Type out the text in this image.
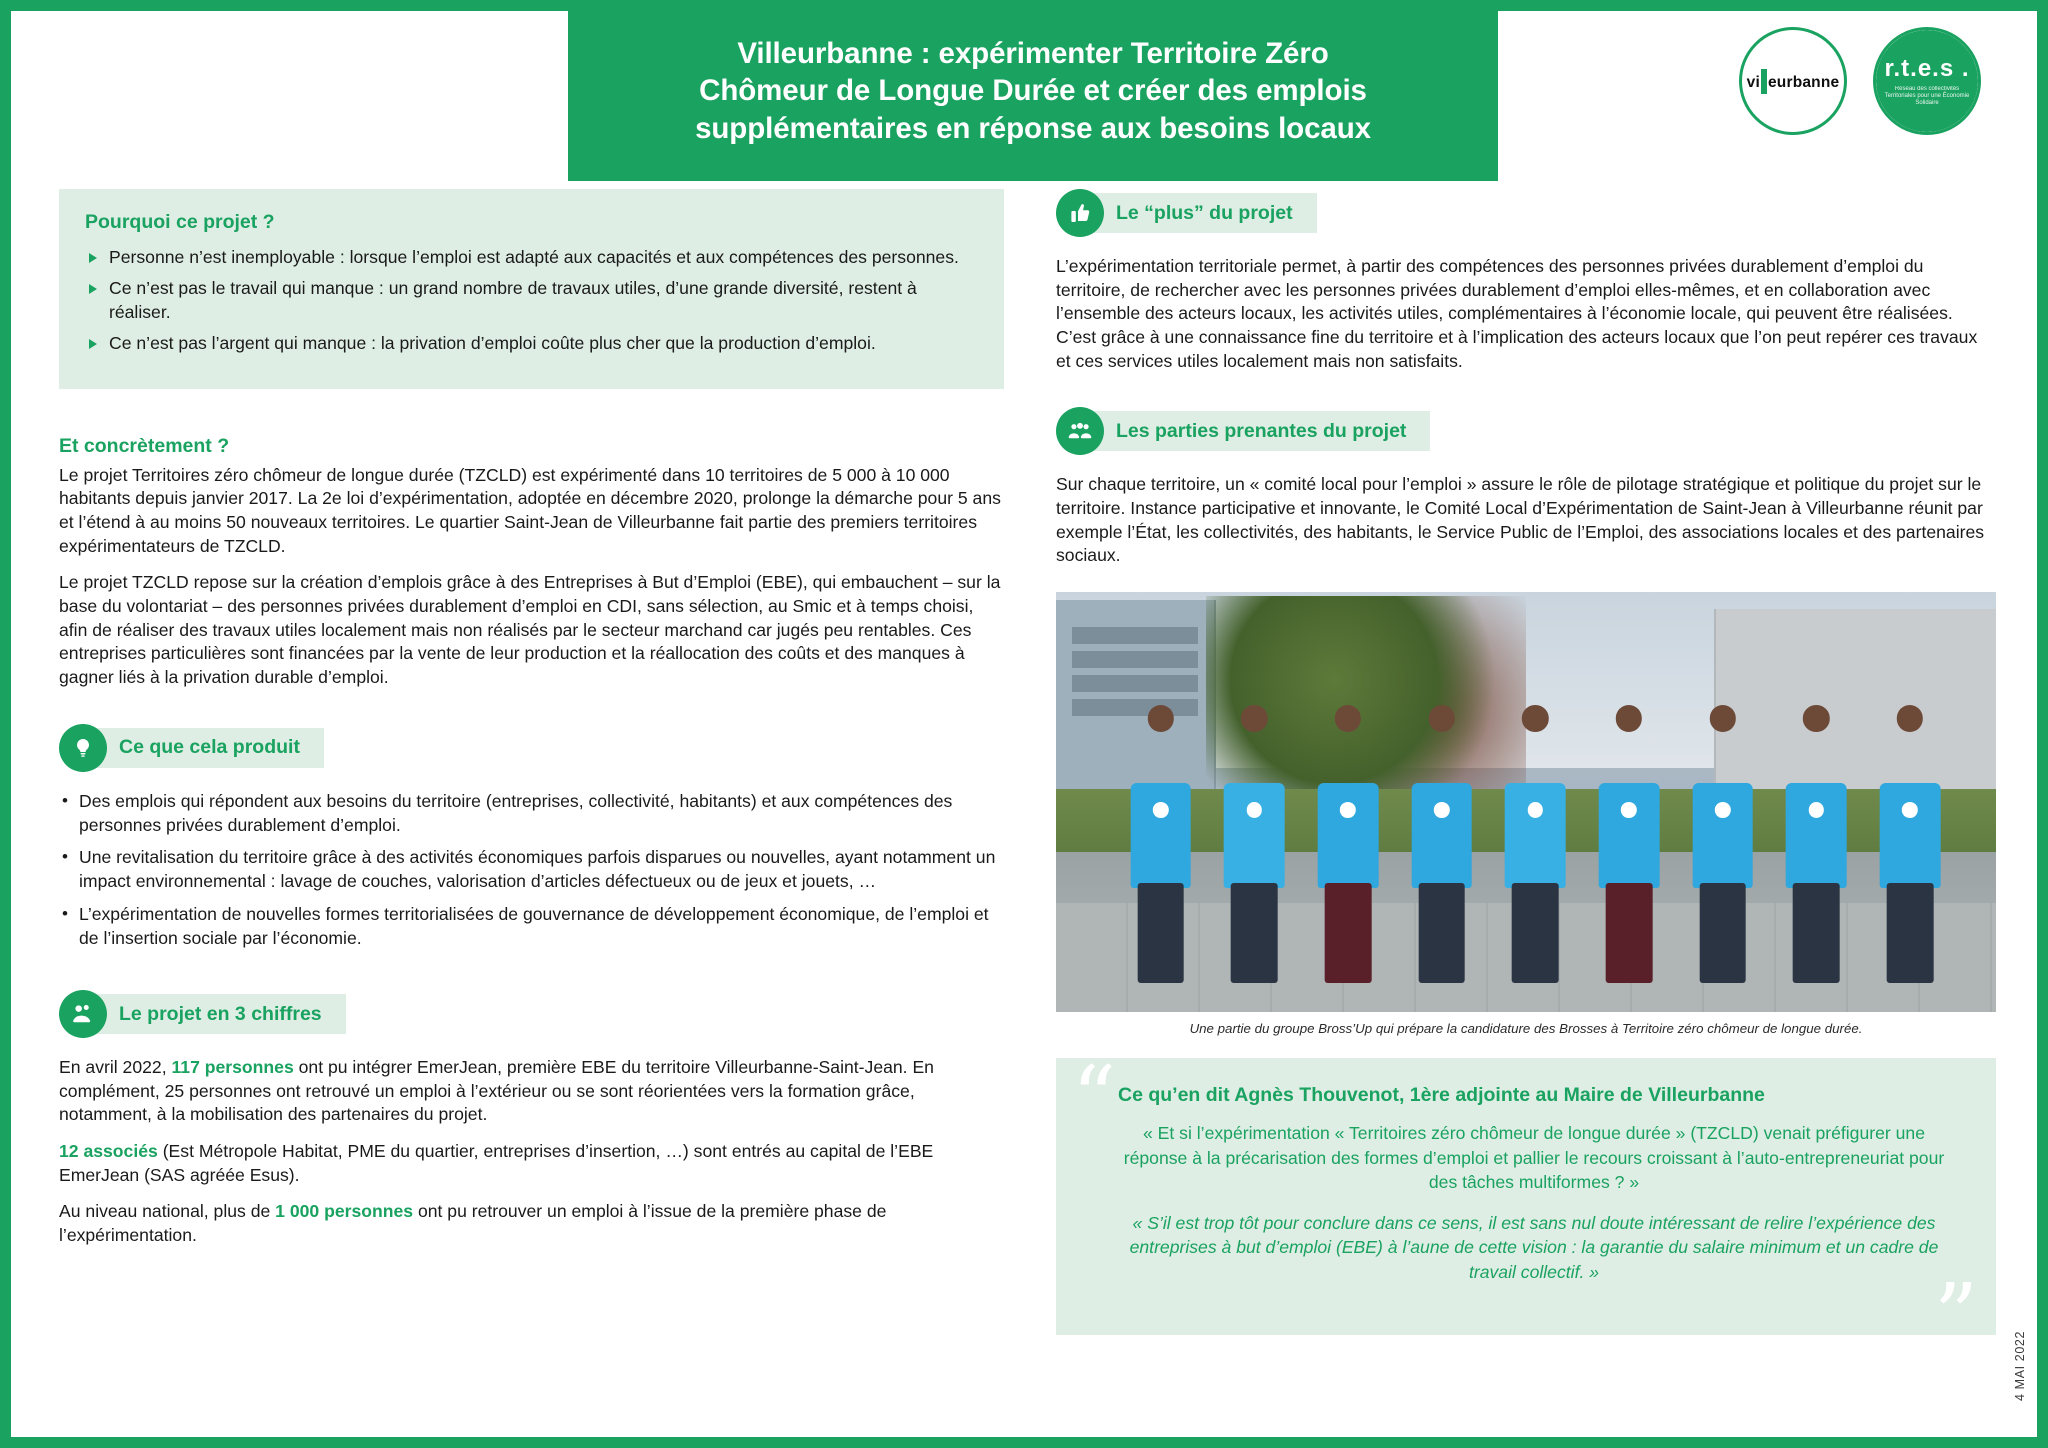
Villeurbanne : expérimenter Territoire Zéro
Chômeur de Longue Durée et créer des emplois
supplémentaires en réponse aux besoins locaux
vi eurbanne r.t.e.s .
Réseau des collectivités Territoriales pour une Économie Solidaire
Pourquoi ce projet ?
Personne n’est inemployable : lorsque l’emploi est adapté aux capacités et aux compétences des personnes.
Ce n’est pas le travail qui manque : un grand nombre de travaux utiles, d’une grande diversité, restent à réaliser.
Ce n’est pas l’argent qui manque : la privation d’emploi coûte plus cher que la production d’emploi.
Et concrètement ?

Le projet Territoires zéro chômeur de longue durée (TZCLD) est expérimenté dans 10 territoires de 5 000 à 10 000 habitants depuis janvier 2017. La 2e loi d’expérimentation, adoptée en décembre 2020, prolonge la démarche pour 5 ans et l’étend à au moins 50 nouveaux territoires. Le quartier Saint-Jean de Villeurbanne fait partie des premiers territoires expérimentateurs de TZCLD.

Le projet TZCLD repose sur la création d’emplois grâce à des Entreprises à But d’Emploi (EBE), qui embauchent – sur la base du volontariat – des personnes privées durablement d’emploi en CDI, sans sélection, au Smic et à temps choisi, afin de réaliser des travaux utiles localement mais non réalisés par le secteur marchand car jugés peu rentables. Ces entreprises particulières sont financées par la vente de leur production et la réallocation des coûts et des manques à gagner liés à la privation durable d’emploi.

Ce que cela produit
• Des emplois qui répondent aux besoins du territoire (entreprises, collectivité, habitants) et aux compétences des personnes privées durablement d’emploi.
• Une revitalisation du territoire grâce à des activités économiques parfois disparues ou nouvelles, ayant notamment un impact environnemental : lavage de couches, valorisation d’articles défectueux ou de jeux et jouets, …
• L’expérimentation de nouvelles formes territorialisées de gouvernance de développement économique, de l’emploi et de l’insertion sociale par l’économie.
Le projet en 3 chiffres

En avril 2022, 117 personnes ont pu intégrer EmerJean, première EBE du territoire Villeurbanne-Saint-Jean. En complément, 25 personnes ont retrouvé un emploi à l’extérieur ou se sont réorientées vers la formation grâce, notamment, à la mobilisation des partenaires du projet.

12 associés (Est Métropole Habitat, PME du quartier, entreprises d’insertion, …) sont entrés au capital de l’EBE EmerJean (SAS agréée Esus).

Au niveau national, plus de 1 000 personnes ont pu retrouver un emploi à l’issue de la première phase de l’expérimentation.

Le “plus” du projet

L’expérimentation territoriale permet, à partir des compétences des personnes privées durablement d’emploi du territoire, de rechercher avec les personnes privées durablement d’emploi elles-mêmes, et en collaboration avec l’ensemble des acteurs locaux, les activités utiles, complémentaires à l’économie locale, qui peuvent être réalisées. C’est grâce à une connaissance fine du territoire et à l’implication des acteurs locaux que l’on peut repérer ces travaux et ces services utiles localement mais non satisfaits.

Les parties prenantes du projet

Sur chaque territoire, un « comité local pour l’emploi » assure le rôle de pilotage stratégique et politique du projet sur le territoire. Instance participative et innovante, le Comité Local d’Expérimentation de Saint-Jean à Villeurbanne réunit par exemple l’État, les collectivités, des habitants, le Service Public de l’Emploi, des associations locales et des partenaires sociaux.

Une partie du groupe Bross’Up qui prépare la candidature des Brosses à Territoire zéro chômeur de longue durée.
“ Ce qu’en dit Agnès Thouvenot, 1ère adjointe au Maire de Villeurbanne

« Et si l’expérimentation « Territoires zéro chômeur de longue durée » (TZCLD) venait préfigurer une réponse à la précarisation des formes d’emploi et pallier le recours croissant à l’auto-entrepreneuriat pour des tâches multiformes ? »

« S’il est trop tôt pour conclure dans ce sens, il est sans nul doute intéressant de relire l’expérience des entreprises à but d’emploi (EBE) à l’aune de cette vision : la garantie du salaire minimum et un cadre de travail collectif. »	”
4 MAI 2022
